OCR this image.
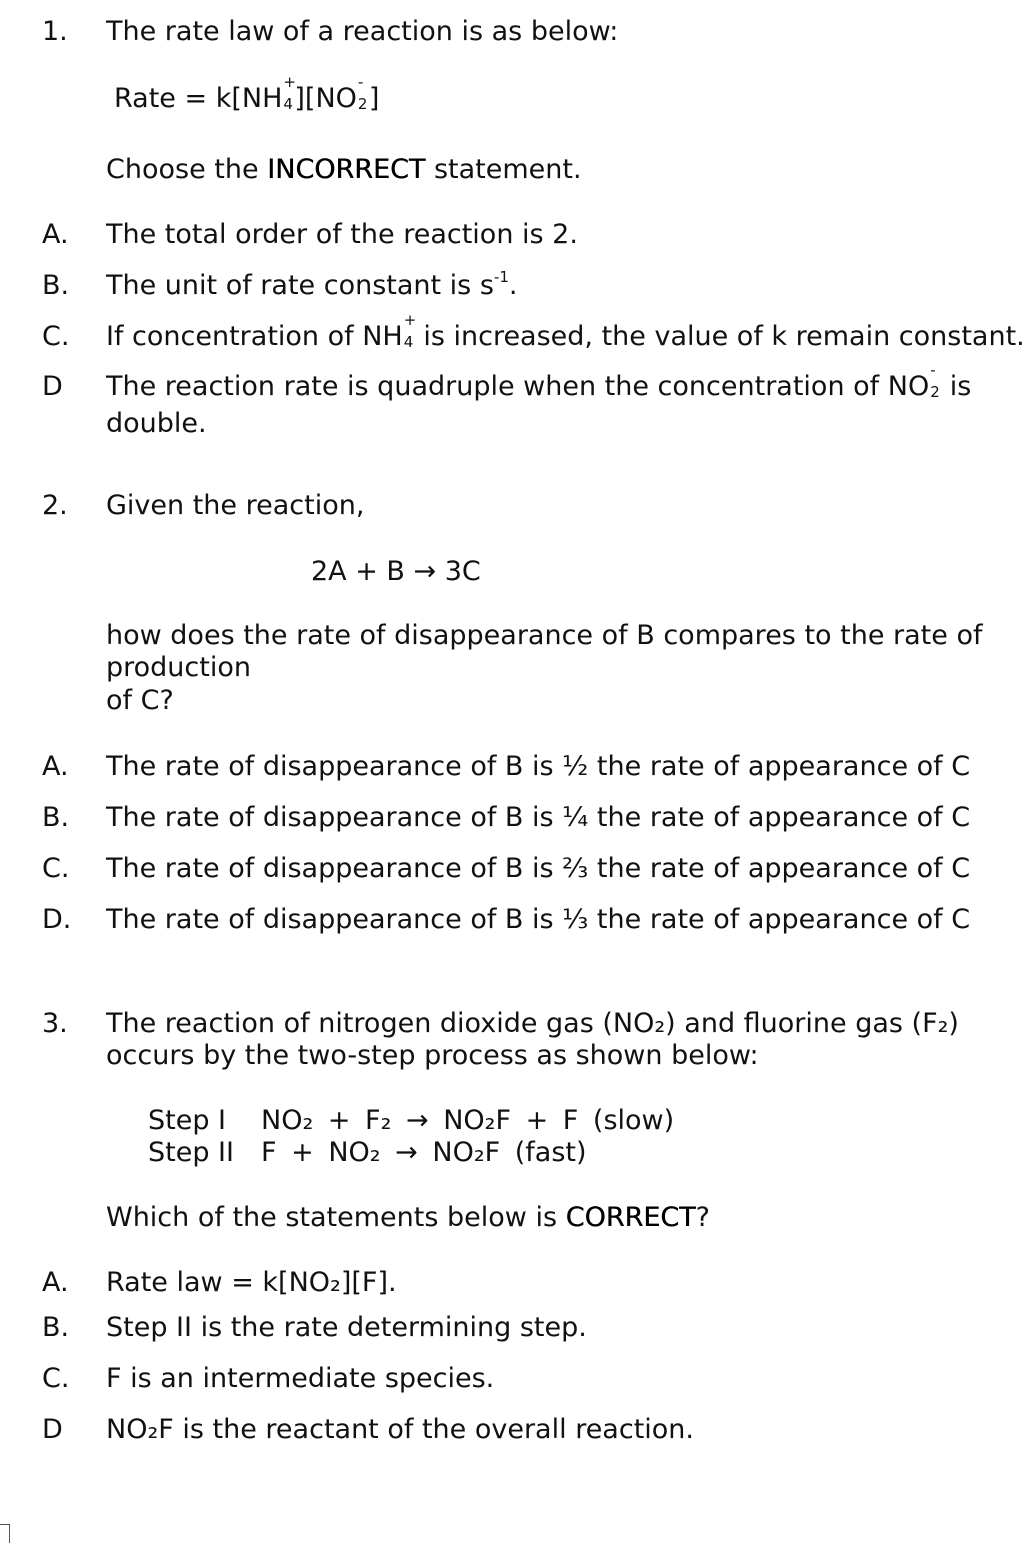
1. The rate law of a reaction is as below:
Rate = k[NH
+
4 ][NO
-
2 ]
Choose the INCORRECT statement.
A. The total order of the reaction is 2.
B. The unit of rate constant is $s^{-1}$.
C. If concentration of NH
+
4 is increased, the value of k remain constant.
D The reaction rate is quadruple when the concentration of NO
-
2 is
double.
2. Given the reaction,
2A + B → 3C
how does the rate of disappearance of B compares to the rate of
production
of C?
A. The rate of disappearance of B is ½ the rate of appearance of C
B. The rate of disappearance of B is ¼ the rate of appearance of C
C. The rate of disappearance of B is ⅔ the rate of appearance of C
D. The rate of disappearance of B is ⅓ the rate of appearance of C
3. The reaction of nitrogen dioxide gas (NO₂) and fluorine gas (F₂)
occurs by the two-step process as shown below:
Step I NO₂ + F₂ → NO₂F + F (slow)
Step II F + NO₂ → NO₂F (fast)
Which of the statements below is CORRECT?
A. Rate law = k[NO₂][F].
B. Step II is the rate determining step.
C. F is an intermediate species.
D NO₂F is the reactant of the overall reaction.
